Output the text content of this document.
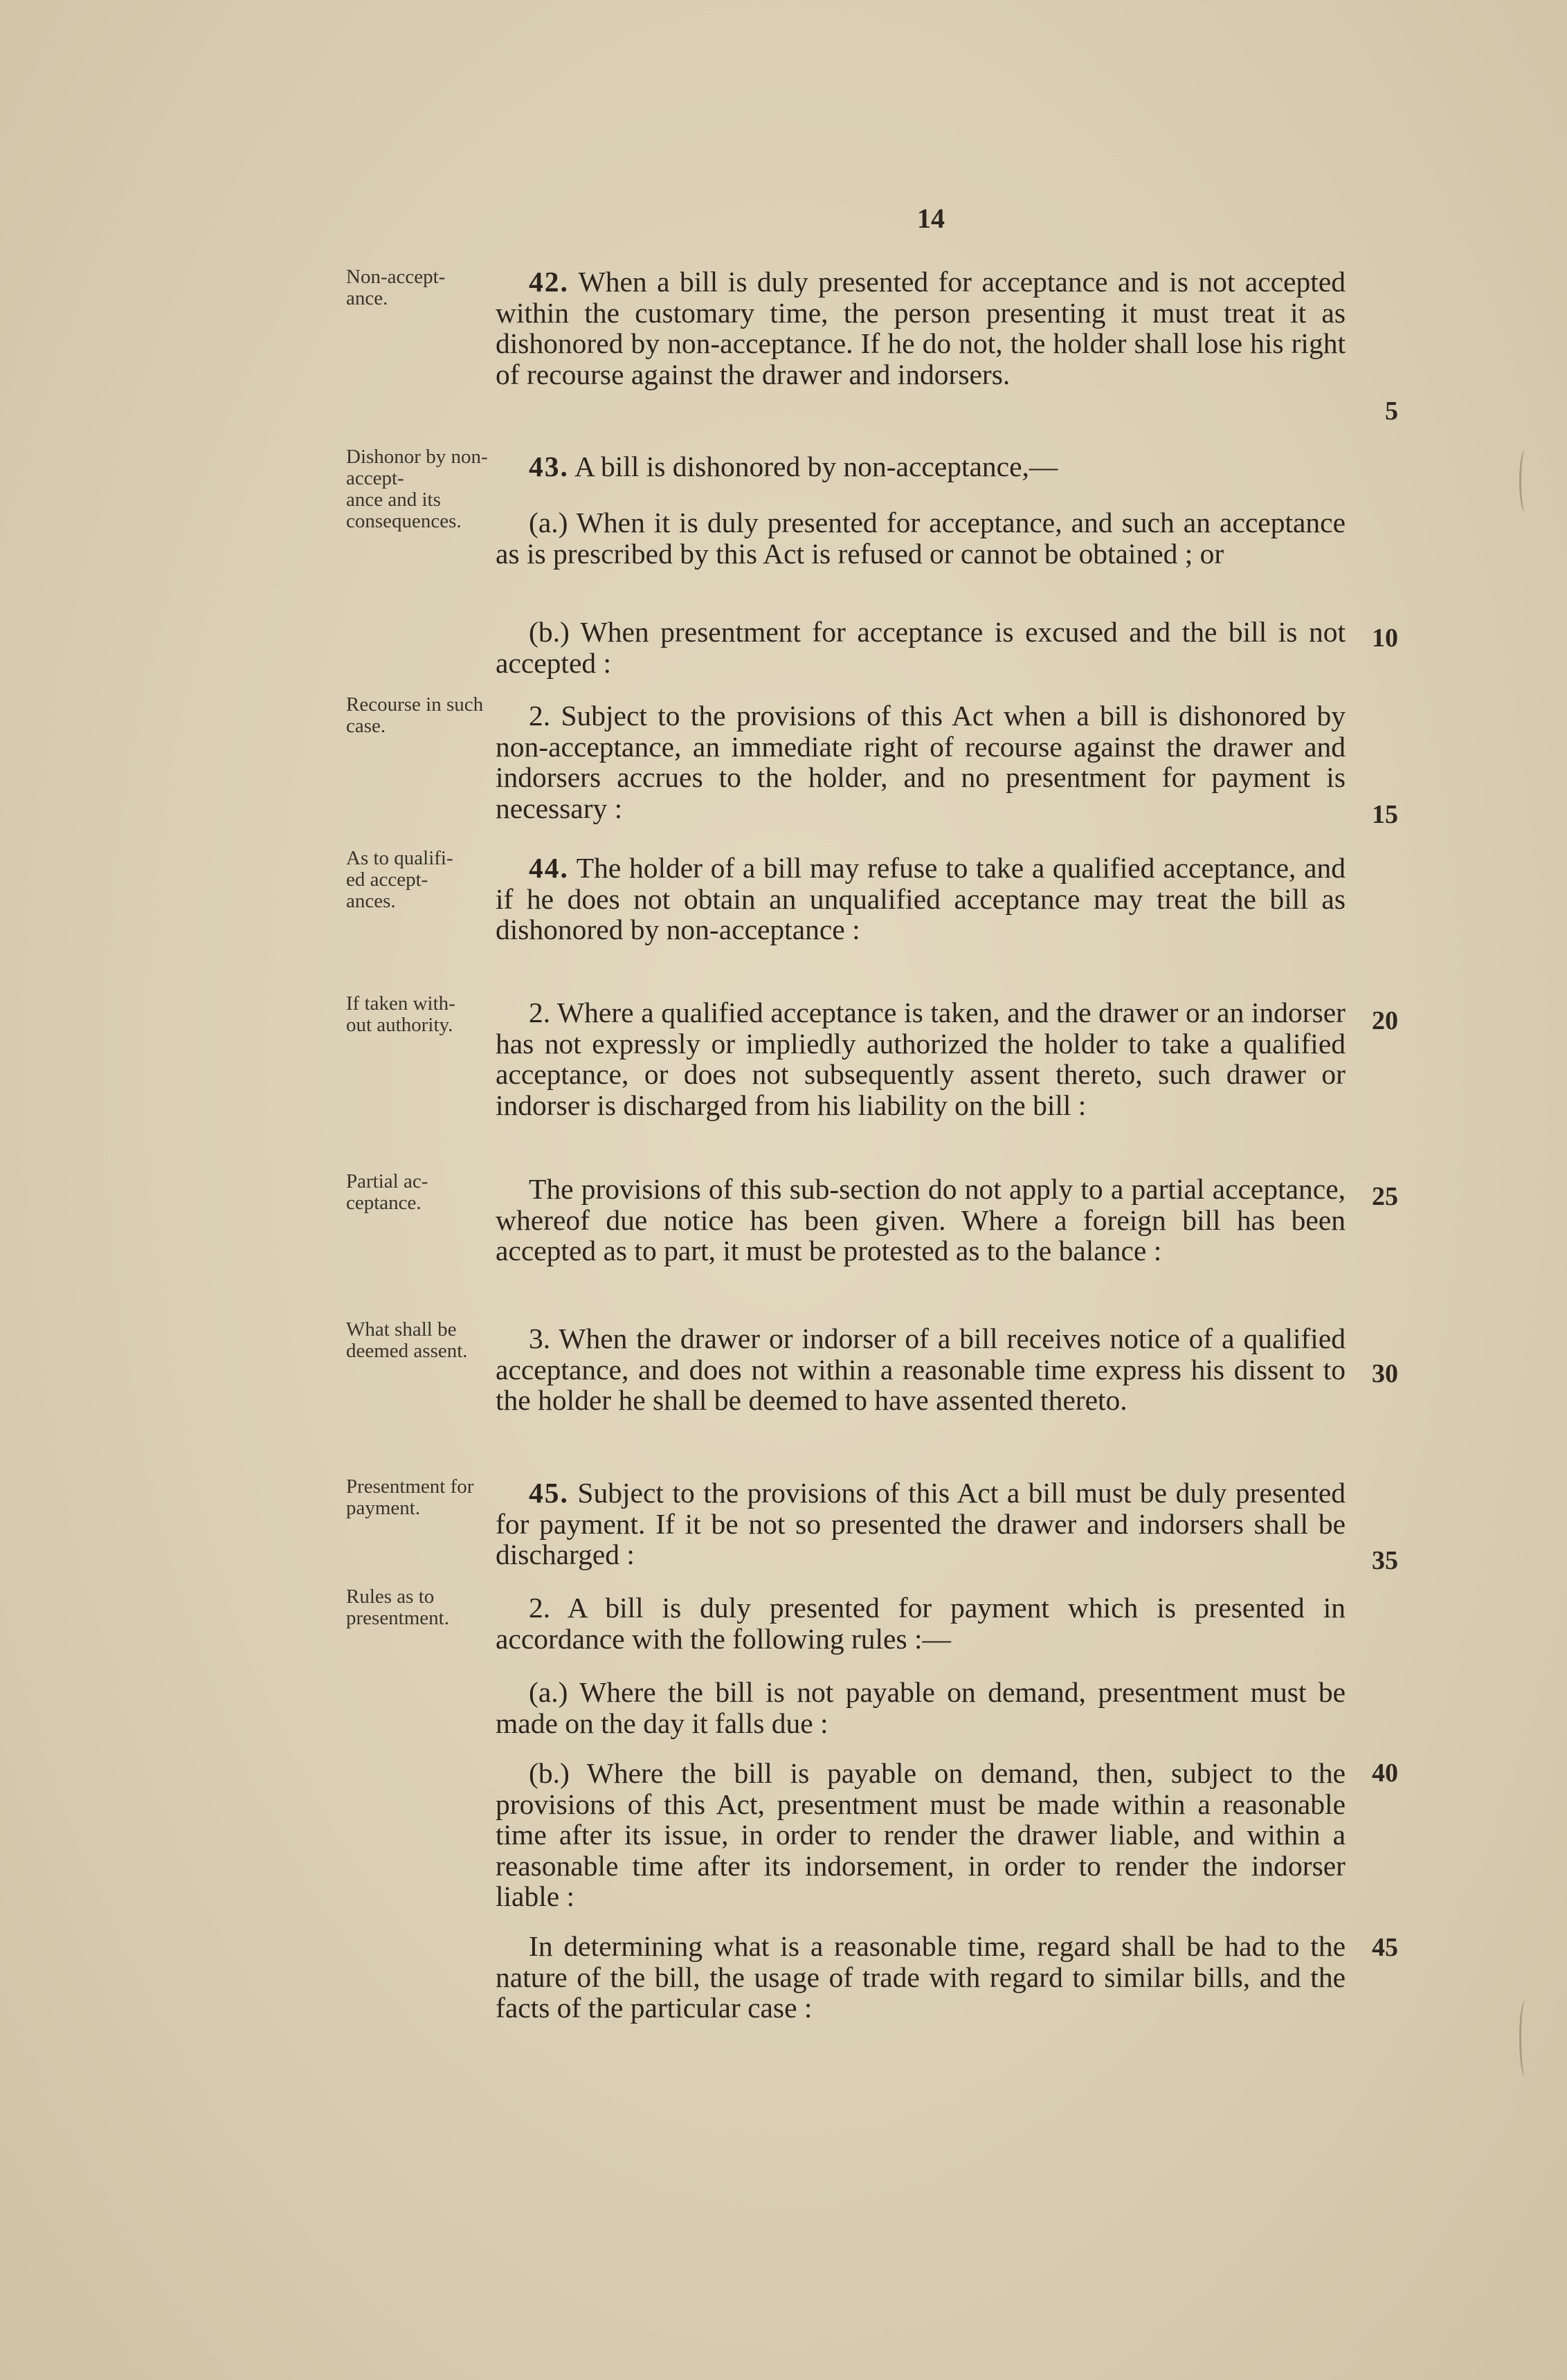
14
Non-accept-
ance.
42. When a bill is duly presented for acceptance and is not accepted within the customary time, the person presenting it must treat it as dishonored by non-acceptance. If he do not, the holder shall lose his right of recourse against the drawer and indorsers.
Dishonor by non-accept-
ance and its consequences.
43. A bill is dishonored by non-acceptance,—
(a.) When it is duly presented for acceptance, and such an acceptance as is prescribed by this Act is refused or cannot be obtained ; or
(b.) When presentment for acceptance is excused and the bill is not accepted :
Recourse in such case.	2. Subject to the provisions of this Act when a bill is dishonored by non-acceptance, an immediate right of recourse against the drawer and indorsers accrues to the holder, and no presentment for payment is necessary :
As to qualifi-
ed accept-
ances.
44. The holder of a bill may refuse to take a qualified acceptance, and if he does not obtain an unqualified acceptance may treat the bill as dishonored by non-acceptance :
If taken with-
out authority.	2. Where a qualified acceptance is taken, and the drawer or an indorser has not expressly or impliedly authorized the holder to take a qualified acceptance, or does not subsequently assent thereto, such drawer or indorser is discharged from his liability on the bill :
Partial ac-
ceptance.	The provisions of this sub-section do not apply to a partial acceptance, whereof due notice has been given. Where a foreign bill has been accepted as to part, it must be protested as to the balance :
What shall be deemed assent.	3. When the drawer or indorser of a bill receives notice of a qualified acceptance, and does not within a reasonable time express his dissent to the holder he shall be deemed to have assented thereto.
Presentment for payment.	45. Subject to the provisions of this Act a bill must be duly presented for payment. If it be not so presented the drawer and indorsers shall be discharged :
Rules as to presentment.	2. A bill is duly presented for payment which is presented in accordance with the following rules :—
(a.) Where the bill is not payable on demand, presentment must be made on the day it falls due :
(b.) Where the bill is payable on demand, then, subject to the provisions of this Act, presentment must be made within a reasonable time after its issue, in order to render the drawer liable, and within a reasonable time after its indorsement, in order to render the indorser liable :
In determining what is a reasonable time, regard shall be had to the nature of the bill, the usage of trade with regard to similar bills, and the facts of the particular case :
5
10
15
20
25
30
35
40
45
